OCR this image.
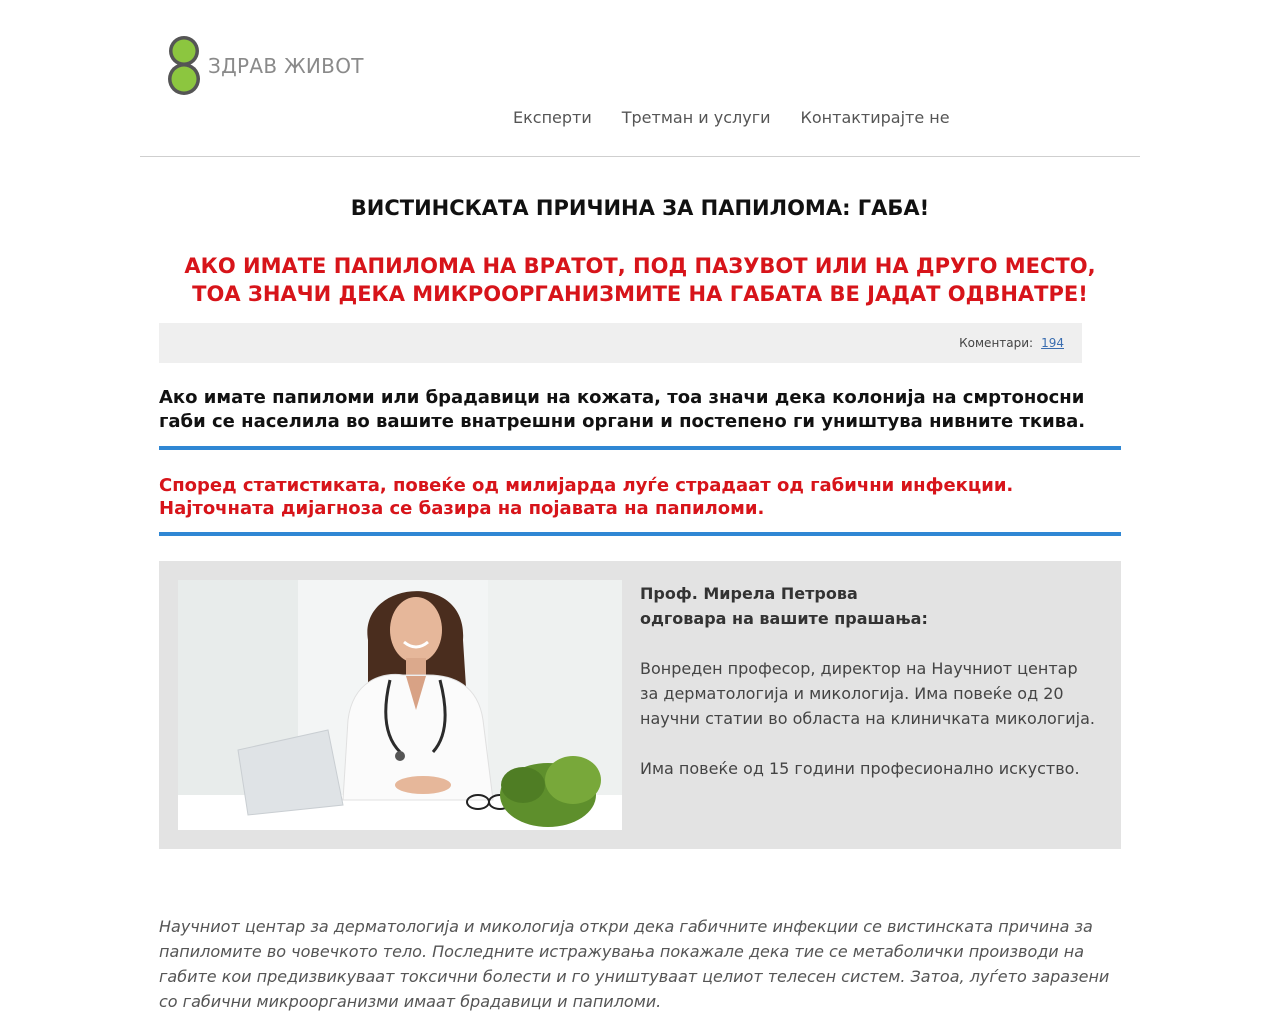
ЗДРАВ ЖИВОТ
Експерти	Третман и услуги	Контактирајте не
ВИСТИНСКАТА ПРИЧИНА ЗА ПАПИЛОМА: ГАБА!
АКО ИМАТЕ ПАПИЛОМА НА ВРАТОТ, ПОД ПАЗУВОТ ИЛИ НА ДРУГО МЕСТО, ТОА ЗНАЧИ ДЕКА МИКРООРГАНИЗМИТЕ НА ГАБАТА ВЕ ЈАДАТ ОДВНАТРЕ!
Коментари: 194

Ако имате папиломи или брадавици на кожата, тоа значи дека колонија на смртоносни габи се населила во вашите внатрешни органи и постепено ги уништува нивните ткива.

Според статистиката, повеќе од милијарда луѓе страдаат од габични инфекции. Најточната дијагноза се базира на појавата на папиломи.

Проф. Мирела Петрова
одговара на вашите прашања:
Вонреден професор, директор на Научниот центар за дерматологија и микологија. Има повеќе од 20 научни статии во областа на клиничката микологија.
Има повеќе од 15 години професионално искуство.

Научниот центар за дерматологија и микологија откри дека габичните инфекции се вистинската причина за папиломите во човечкото тело. Последните истражувања покажале дека тие се метаболички производи на габите кои предизвикуваат токсични болести и го уништуваат целиот телесен систем. Затоа, луѓето заразени со габични микроорганизми имаат брадавици и папиломи.
